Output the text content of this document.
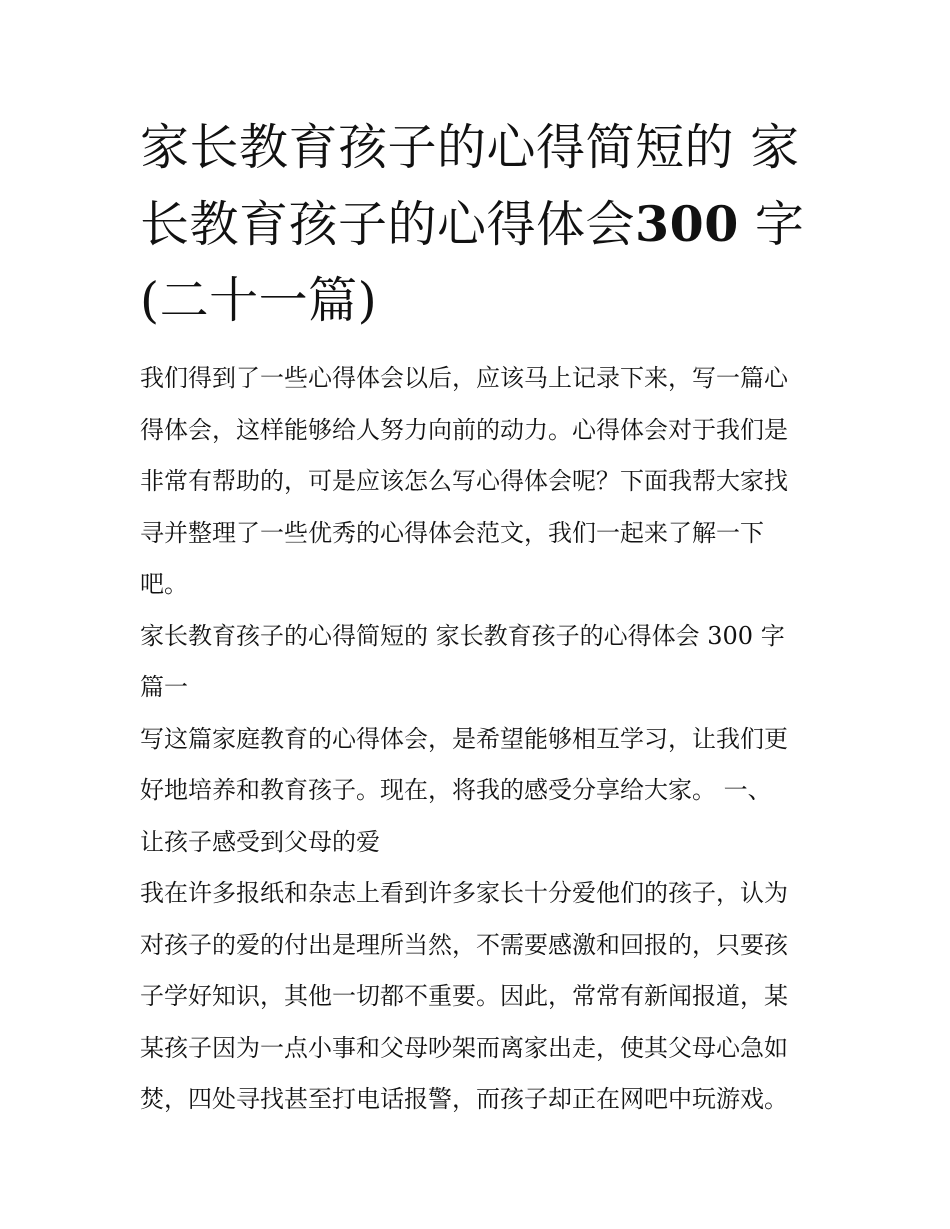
家长教育孩子的心得简短的 家
长教育孩子的心得体会300 字
(二十一篇)
我们得到了一些心得体会以后，应该马上记录下来，写一篇心
得体会，这样能够给人努力向前的动力。心得体会对于我们是
非常有帮助的，可是应该怎么写心得体会呢？下面我帮大家找
寻并整理了一些优秀的心得体会范文，我们一起来了解一下
吧。
家长教育孩子的心得简短的 家长教育孩子的心得体会 300 字
篇一
写这篇家庭教育的心得体会，是希望能够相互学习，让我们更
好地培养和教育孩子。现在，将我的感受分享给大家。 一、
让孩子感受到父母的爱
我在许多报纸和杂志上看到许多家长十分爱他们的孩子，认为
对孩子的爱的付出是理所当然，不需要感激和回报的，只要孩
子学好知识，其他一切都不重要。因此，常常有新闻报道，某
某孩子因为一点小事和父母吵架而离家出走，使其父母心急如
焚，四处寻找甚至打电话报警，而孩子却正在网吧中玩游戏。
